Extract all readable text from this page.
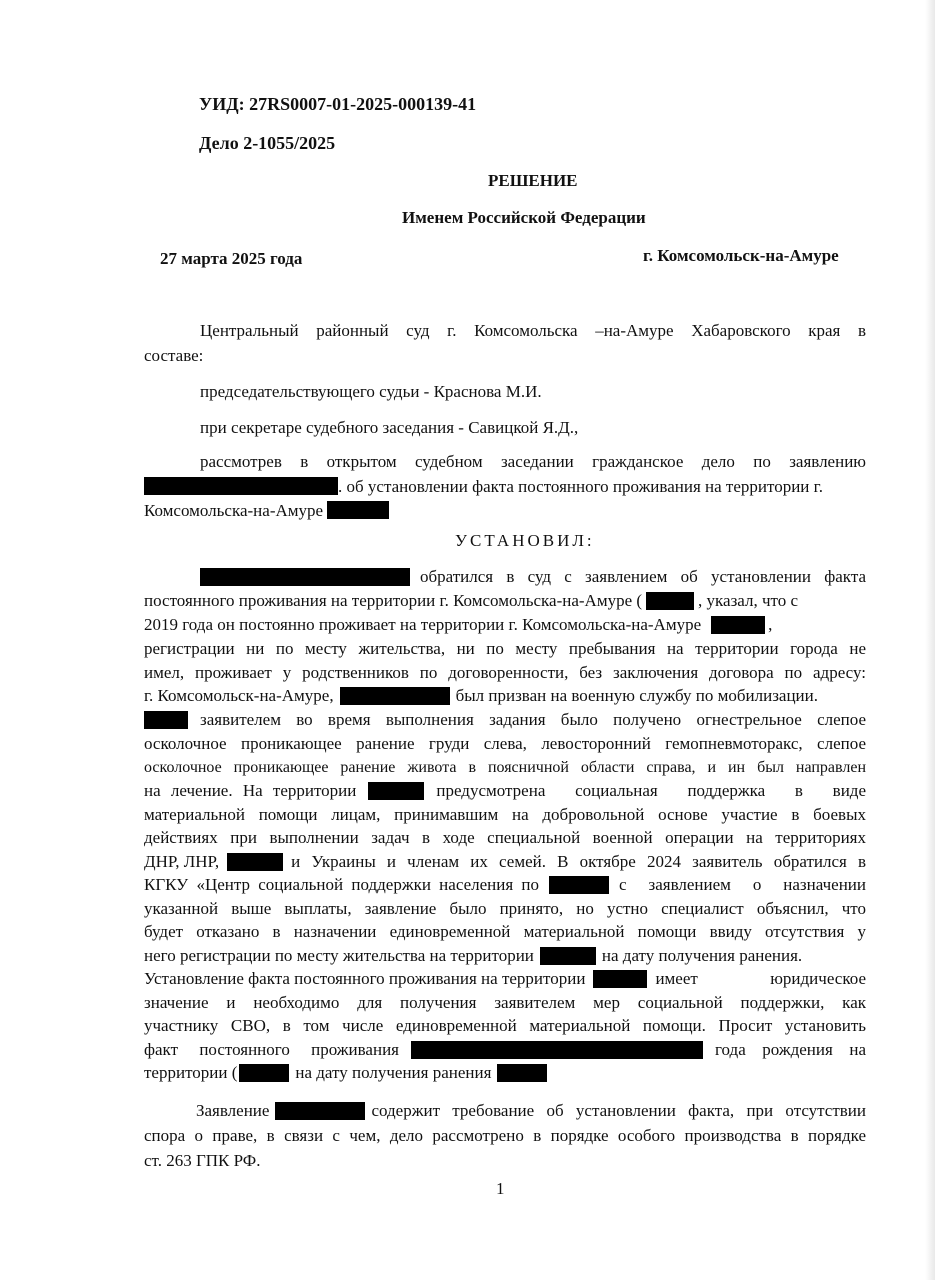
УИД: 27RS0007-01-2025-000139-41
Дело 2-1055/2025
РЕШЕНИЕ
Именем Российской Федерации
27 марта 2025 года	г. Комсомольск-на-Амуре
Центральный районный суд г. Комсомольска –на-Амуре Хабаровского края в
составе:
председательствующего судьи - Краснова М.И.
при секретаре судебного заседания - Савицкой Я.Д.,
рассмотрев в открытом судебном заседании гражданское дело по заявлению
. об установлении факта постоянного проживания на территории г.
Комсомольска-на-Амуре
УСТАНОВИЛ:
обратился в суд с заявлением об установлении факта
постоянного проживания на территории г. Комсомольска-на-Амуре (	, указал, что с
2019 года он постоянно проживает на территории г. Комсомольска-на-Амуре	,
регистрации ни по месту жительства, ни по месту пребывания на территории города не
имел, проживает у родственников по договоренности, без заключения договора по адресу:
г. Комсомольск-на-Амуре,	был призван на военную службу по мобилизации.
заявителем во время выполнения задания было получено огнестрельное слепое
осколочное проникающее ранение груди слева, левосторонний гемопневмоторакс, слепое
осколочное проникающее ранение живота в поясничной области справа, и ин был направлен
на лечение. На территории	предусмотрена социальная поддержка в виде
материальной помощи лицам, принимавшим на добровольной основе участие в боевых
действиях при выполнении задач в ходе специальной военной операции на территориях
ДНР, ЛНР,	и Украины и членам их семей. В октябре 2024 заявитель обратился в
КГКУ «Центр социальной поддержки населения по	с заявлением о назначении
указанной выше выплаты, заявление было принято, но устно специалист объяснил, что
будет отказано в назначении единовременной материальной помощи ввиду отсутствия у
него регистрации по месту жительства на территории	на дату получения ранения.
Установление факта постоянного проживания на территории	имеет юридическое
значение и необходимо для получения заявителем мер социальной поддержки, как
участнику СВО, в том числе единовременной материальной помощи. Просит установить
факт постоянного проживания	года рождения на
территории (	на дату получения ранения
Заявление	содержит требование об установлении факта, при отсутствии
спора о праве, в связи с чем, дело рассмотрено в порядке особого производства в порядке
ст. 263 ГПК РФ.
1
